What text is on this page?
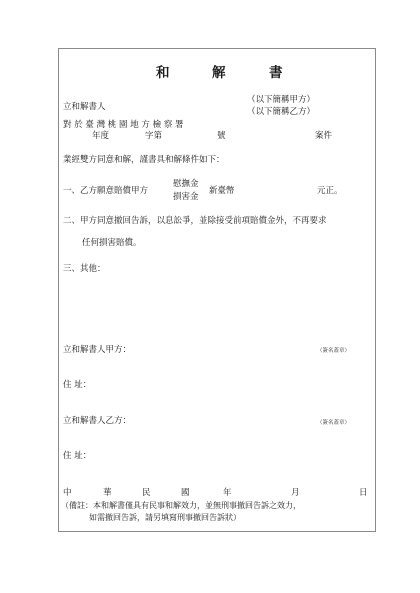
和	解	書
立和解書人
（以下簡稱甲方）
（以下簡稱乙方）
對 於 臺 灣 桃 園 地 方 檢 察 署
年度	字第	號	案件
業經雙方同意和解，謹書具和解條件如下：
一、乙方願意賠償甲方
慰撫金
損害金
新臺幣	元正。
二、甲方同意撤回告訴，以息訟爭，並除接受前項賠償金外，不再要求
任何損害賠償。
三、其他：
立和解書人甲方：	（簽名蓋章）
住 址：
立和解書人乙方：	（簽名蓋章）
住 址：
中	華	民	國	年	月	日
（備註：本和解書僅具有民事和解效力，並無刑事撤回告訴之效力，
如需撤回告訴，請另填寫刑事撤回告訴狀）
